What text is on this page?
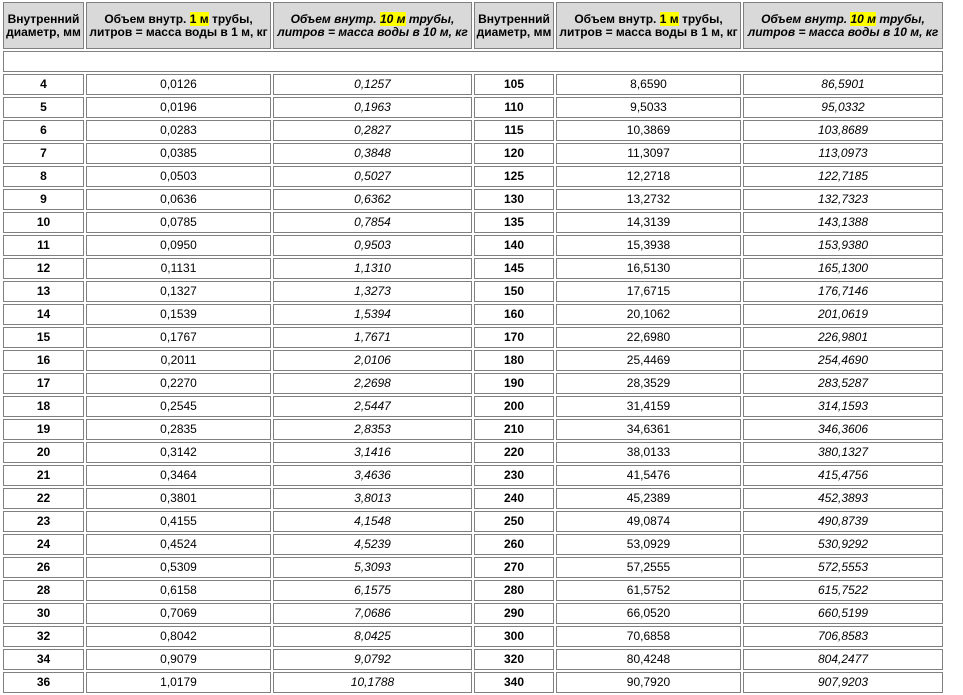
Внутренний диаметр, мм	Объем внутр. 1 м трубы, литров = масса воды в 1 м, кг	Объем внутр. 10 м трубы, литров = масса воды в 10 м, кг	Внутренний диаметр, мм	Объем внутр. 1 м трубы, литров = масса воды в 1 м, кг	Объем внутр. 10 м трубы, литров = масса воды в 10 м, кг

4	0,0126	0,1257	105	8,6590	86,5901
5	0,0196	0,1963	110	9,5033	95,0332
6	0,0283	0,2827	115	10,3869	103,8689
7	0,0385	0,3848	120	11,3097	113,0973
8	0,0503	0,5027	125	12,2718	122,7185
9	0,0636	0,6362	130	13,2732	132,7323
10	0,0785	0,7854	135	14,3139	143,1388
11	0,0950	0,9503	140	15,3938	153,9380
12	0,1131	1,1310	145	16,5130	165,1300
13	0,1327	1,3273	150	17,6715	176,7146
14	0,1539	1,5394	160	20,1062	201,0619
15	0,1767	1,7671	170	22,6980	226,9801
16	0,2011	2,0106	180	25,4469	254,4690
17	0,2270	2,2698	190	28,3529	283,5287
18	0,2545	2,5447	200	31,4159	314,1593
19	0,2835	2,8353	210	34,6361	346,3606
20	0,3142	3,1416	220	38,0133	380,1327
21	0,3464	3,4636	230	41,5476	415,4756
22	0,3801	3,8013	240	45,2389	452,3893
23	0,4155	4,1548	250	49,0874	490,8739
24	0,4524	4,5239	260	53,0929	530,9292
26	0,5309	5,3093	270	57,2555	572,5553
28	0,6158	6,1575	280	61,5752	615,7522
30	0,7069	7,0686	290	66,0520	660,5199
32	0,8042	8,0425	300	70,6858	706,8583
34	0,9079	9,0792	320	80,4248	804,2477
36	1,0179	10,1788	340	90,7920	907,9203
